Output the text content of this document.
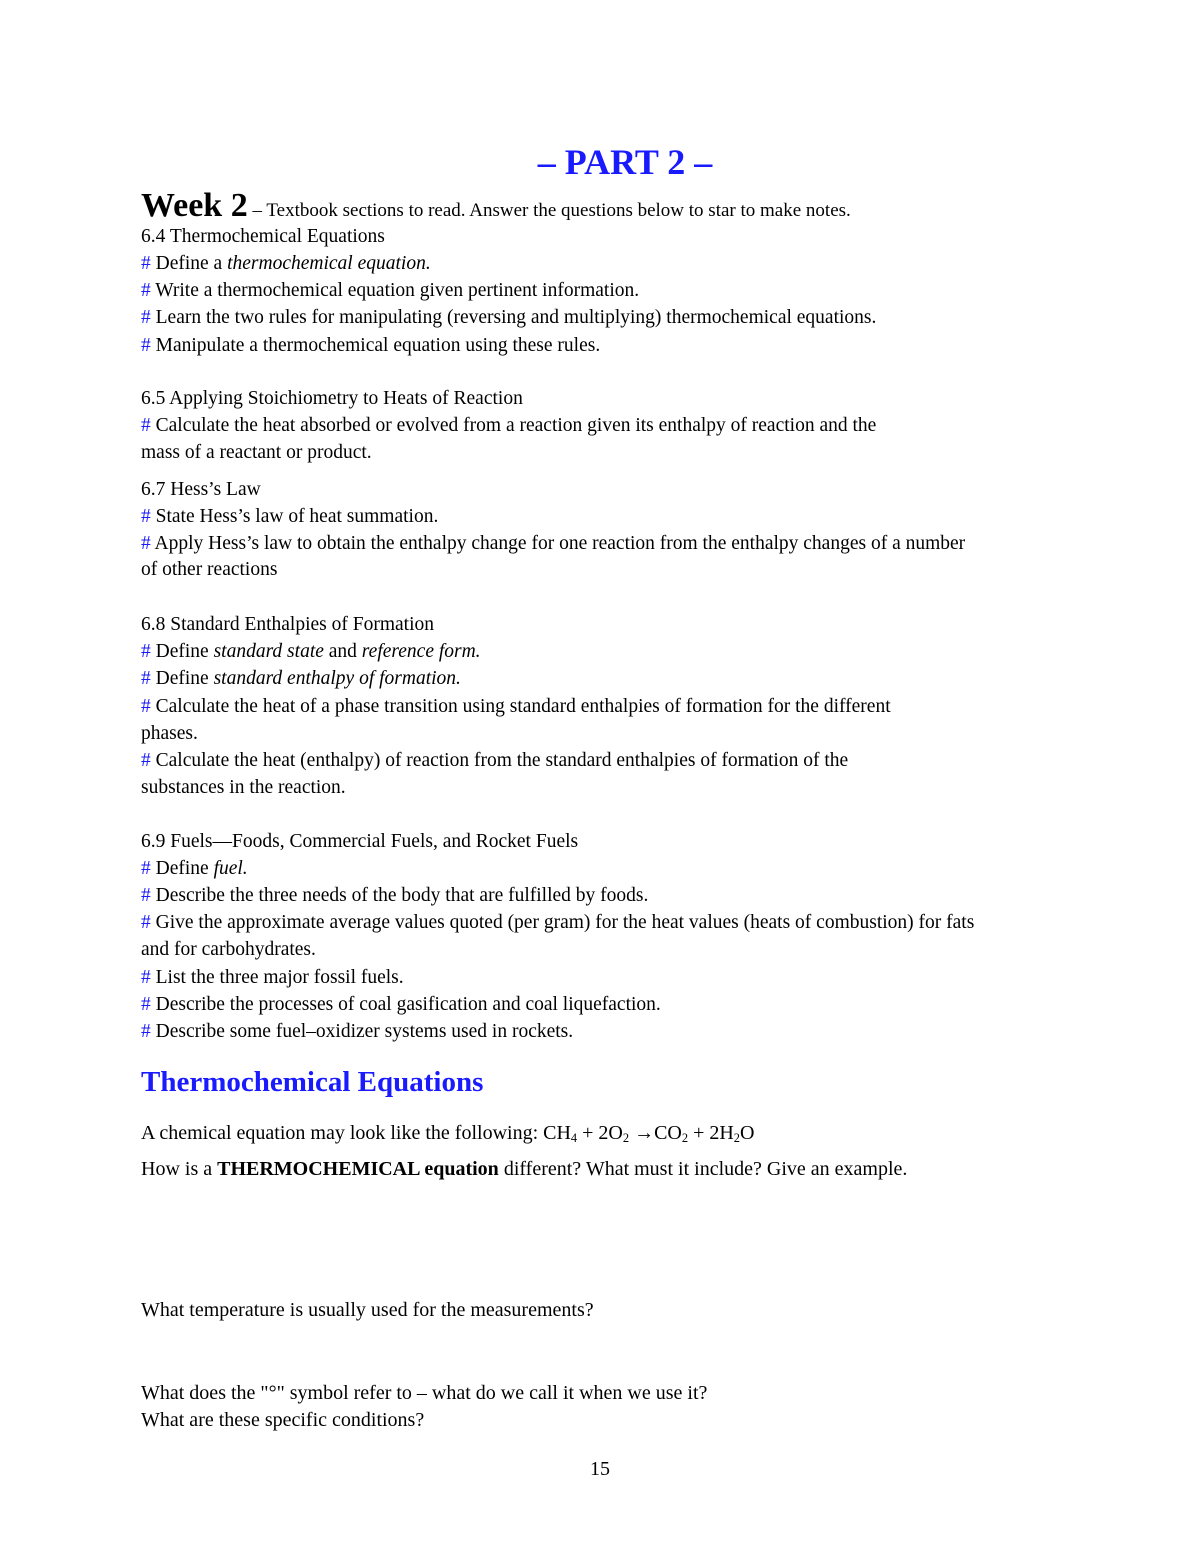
– PART 2 –
Week 2 – Textbook sections to read. Answer the questions below to star to make notes.
6.4 Thermochemical Equations
# Define a thermochemical equation.
# Write a thermochemical equation given pertinent information.
# Learn the two rules for manipulating (reversing and multiplying) thermochemical equations.
# Manipulate a thermochemical equation using these rules.
6.5 Applying Stoichiometry to Heats of Reaction
# Calculate the heat absorbed or evolved from a reaction given its enthalpy of reaction and the
mass of a reactant or product.
6.7 Hess’s Law
# State Hess’s law of heat summation.
# Apply Hess’s law to obtain the enthalpy change for one reaction from the enthalpy changes of a number
of other reactions
6.8 Standard Enthalpies of Formation
# Define standard state and reference form.
# Define standard enthalpy of formation.
# Calculate the heat of a phase transition using standard enthalpies of formation for the different
phases.
# Calculate the heat (enthalpy) of reaction from the standard enthalpies of formation of the
substances in the reaction.
6.9 Fuels—Foods, Commercial Fuels, and Rocket Fuels
# Define fuel.
# Describe the three needs of the body that are fulfilled by foods.
# Give the approximate average values quoted (per gram) for the heat values (heats of combustion) for fats
and for carbohydrates.
# List the three major fossil fuels.
# Describe the processes of coal gasification and coal liquefaction.
# Describe some fuel–oxidizer systems used in rockets.
Thermochemical Equations
A chemical equation may look like the following: $CH_4 + 2O_2 \to CO_2 + 2H_2O$
How is a THERMOCHEMICAL equation different? What must it include? Give an example.
What temperature is usually used for the measurements?
What does the "°" symbol refer to – what do we call it when we use it?
What are these specific conditions?
15
